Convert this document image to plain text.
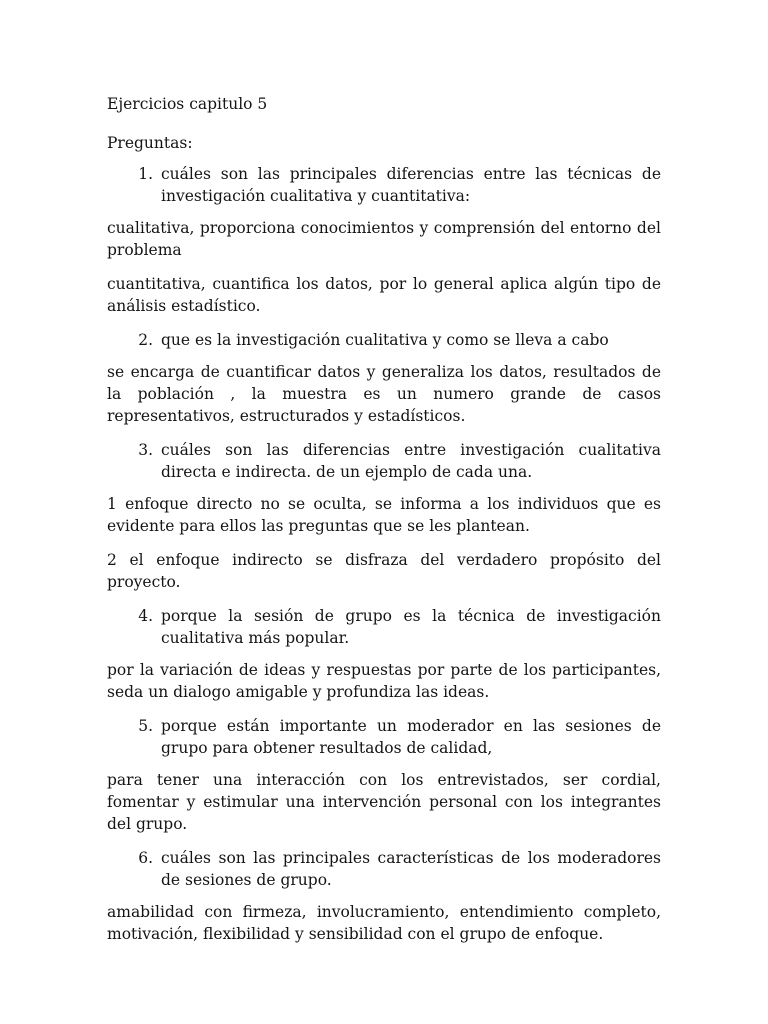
Ejercicios capitulo 5

Preguntas:

1. cuáles son las principales diferencias entre las técnicas de investigación cualitativa y cuantitativa:

cualitativa, proporciona conocimientos y comprensión del entorno del problema

cuantitativa, cuantifica los datos, por lo general aplica algún tipo de análisis estadístico.

2. que es la investigación cualitativa y como se lleva a cabo

se encarga de cuantificar datos y generaliza los datos, resultados de la población , la muestra es un numero grande de casos representativos, estructurados y estadísticos.

3. cuáles son las diferencias entre investigación cualitativa directa e indirecta. de un ejemplo de cada una.

1 enfoque directo no se oculta, se informa a los individuos que es evidente para ellos las preguntas que se les plantean.

2 el enfoque indirecto se disfraza del verdadero propósito del proyecto.

4. porque la sesión de grupo es la técnica de investigación cualitativa más popular.

por la variación de ideas y respuestas por parte de los participantes, seda un dialogo amigable y profundiza las ideas.

5. porque están importante un moderador en las sesiones de grupo para obtener resultados de calidad,

para tener una interacción con los entrevistados, ser cordial, fomentar y estimular una intervención personal con los integrantes del grupo.

6. cuáles son las principales características de los moderadores de sesiones de grupo.

amabilidad con firmeza, involucramiento, entendimiento completo, motivación, flexibilidad y sensibilidad con el grupo de enfoque.
